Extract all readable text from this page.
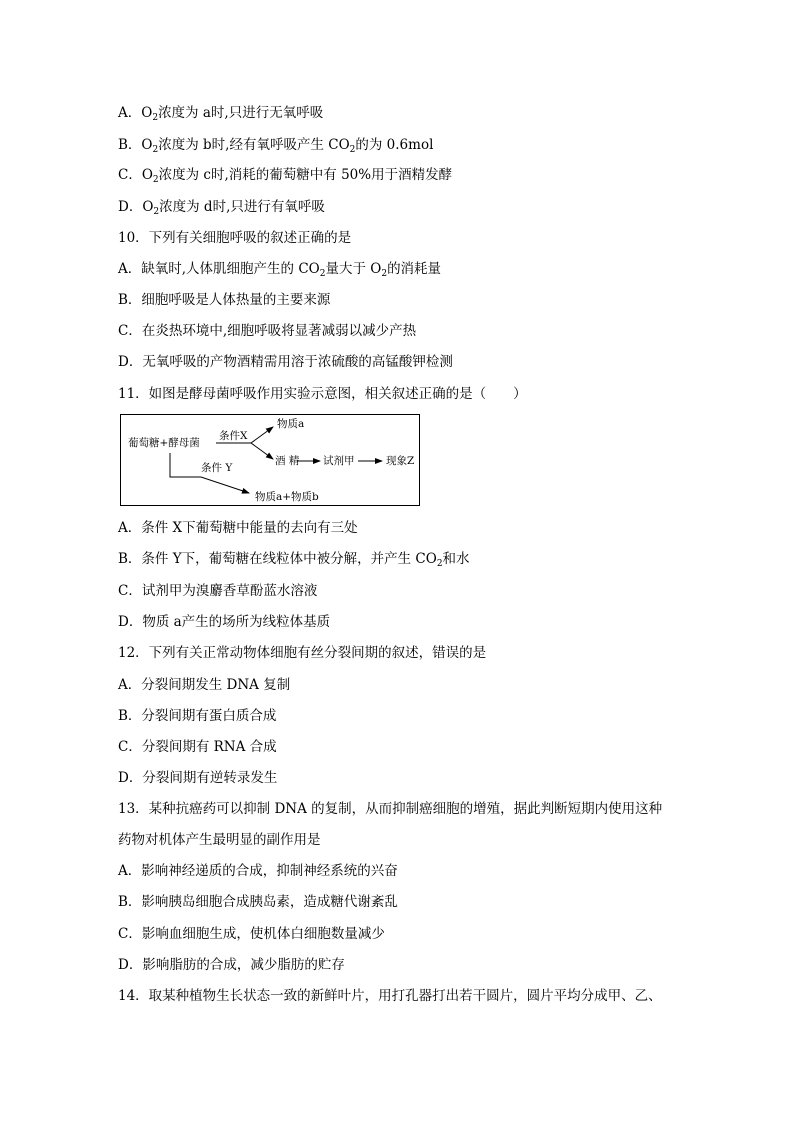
A．$O_2$浓度为 a时,只进行无氧呼吸
B．$O_2$浓度为 b时,经有氧呼吸产生 $CO_2$的为 0.6mol
C．$O_2$浓度为 c时,消耗的葡萄糖中有 50%用于酒精发酵
D．$O_2$浓度为 d时,只进行有氧呼吸
10．下列有关细胞呼吸的叙述正确的是
A．缺氧时,人体肌细胞产生的 $CO_2$量大于 $O_2$的消耗量
B．细胞呼吸是人体热量的主要来源
C．在炎热环境中,细胞呼吸将显著减弱以减少产热
D．无氧呼吸的产物酒精需用溶于浓硫酸的高锰酸钾检测
11．如图是酵母菌呼吸作用实验示意图，相关叙述正确的是（　　）
A．条件 X下葡萄糖中能量的去向有三处
B．条件 Y下，葡萄糖在线粒体中被分解，并产生 $CO_2$和水
C．试剂甲为溴麝香草酚蓝水溶液
D．物质 a产生的场所为线粒体基质
12．下列有关正常动物体细胞有丝分裂间期的叙述，错误的是
A．分裂间期发生 DNA 复制
B．分裂间期有蛋白质合成
C．分裂间期有 RNA 合成
D．分裂间期有逆转录发生
13．某种抗癌药可以抑制 DNA 的复制，从而抑制癌细胞的增殖，据此判断短期内使用这种
药物对机体产生最明显的副作用是
A．影响神经递质的合成，抑制神经系统的兴奋
B．影响胰岛细胞合成胰岛素，造成糖代谢紊乱
C．影响血细胞生成，使机体白细胞数量减少
D．影响脂肪的合成，减少脂肪的贮存
14．取某种植物生长状态一致的新鲜叶片，用打孔器打出若干圆片，圆片平均分成甲、乙、
葡萄糖+酵母菌
条件X
物质a
酒 精 试剂甲	现象Z
条件 Y
物质a+物质b
